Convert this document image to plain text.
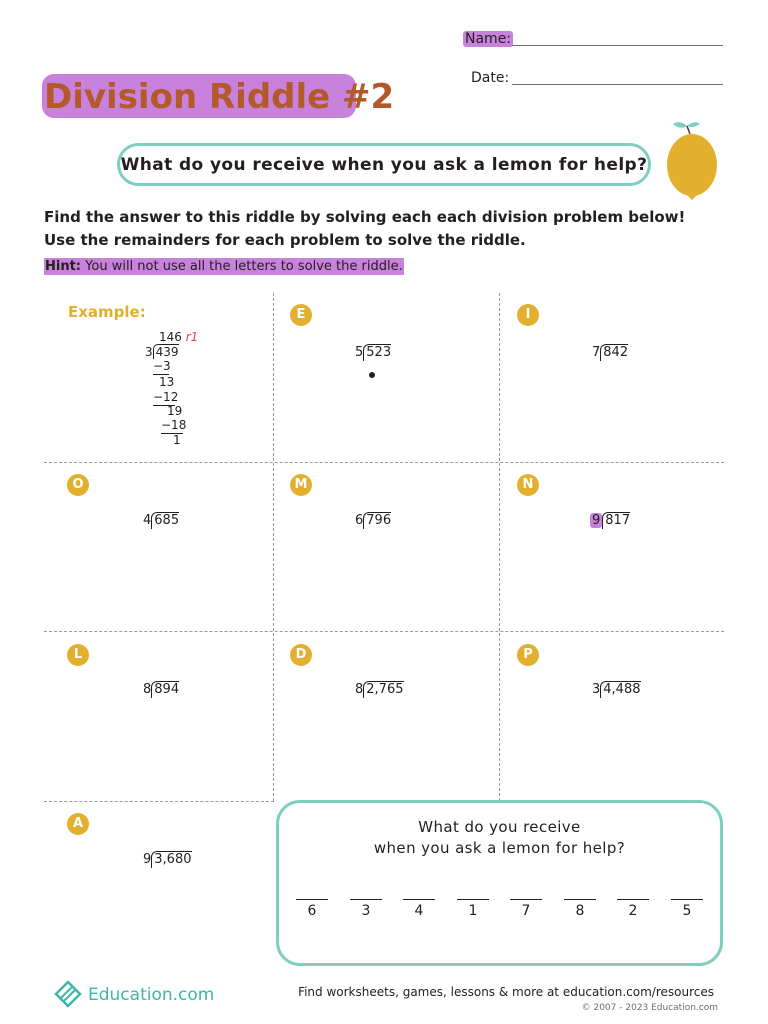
Name:
Date:
Division Riddle #2
What do you receive when you ask a lemon for help?
Find the answer to this riddle by solving each each division problem below!
Use the remainders for each problem to solve the riddle.
Hint: You will not use all the letters to solve the riddle.
Example:
146 r1
3 439
−3
13
−12
19
−18
1
E
5 523
I
7 842
O
4 685
M
6 796
N
9 817
L
8 894
D
8 2,765
P
3 4,488
A
9 3,680
What do you receive
when you ask a lemon for help?
6	3	4	1	7	8	2	5
Education.com	Find worksheets, games, lessons & more at education.com/resources
© 2007 - 2023 Education.com
